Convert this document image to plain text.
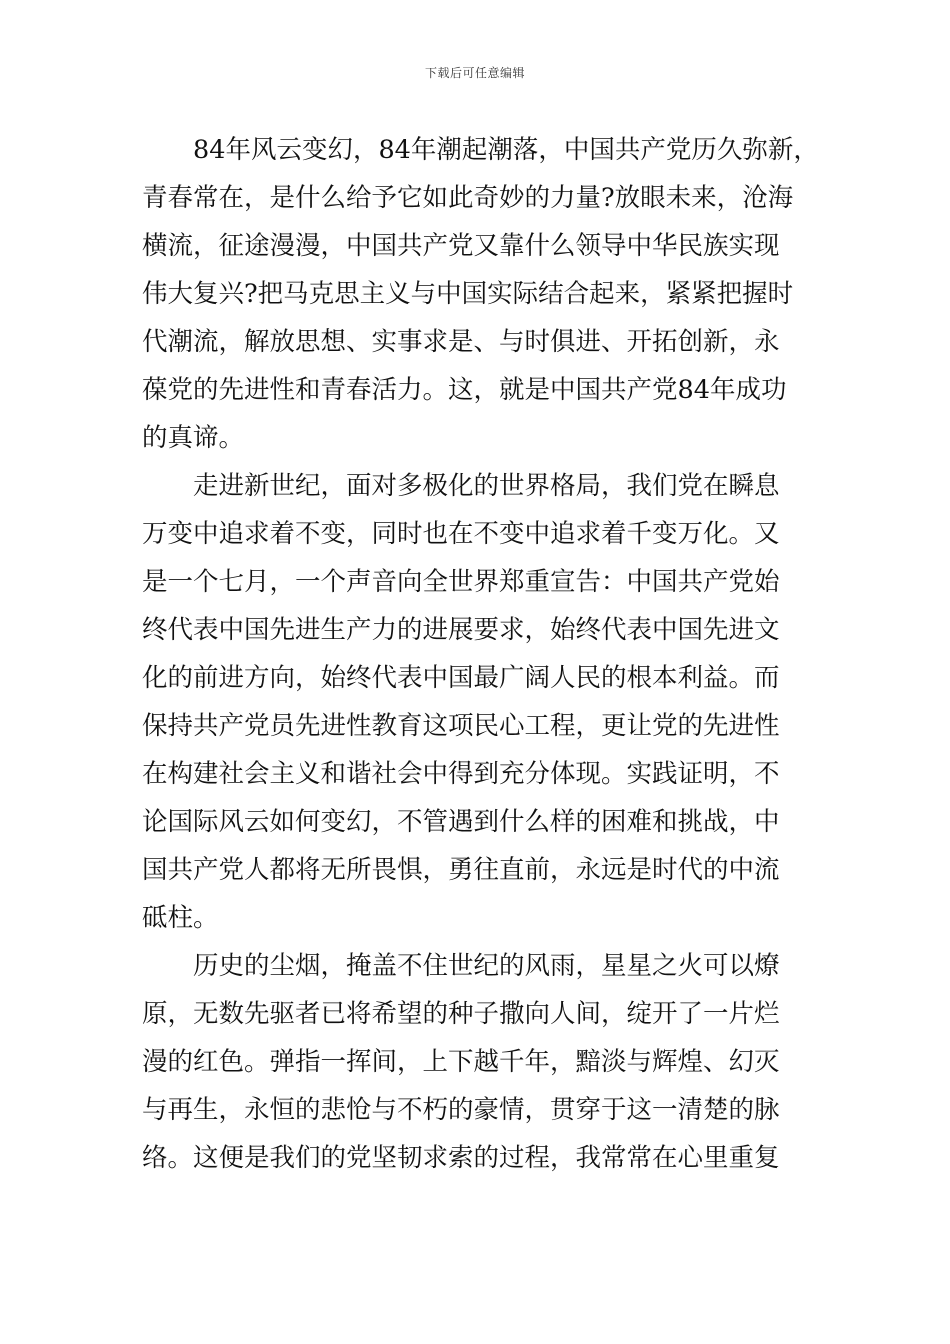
下载后可任意编辑
84年风云变幻，84年潮起潮落，中国共产党历久弥新，
青春常在，是什么给予它如此奇妙的力量?放眼未来，沧海
横流，征途漫漫，中国共产党又靠什么领导中华民族实现
伟大复兴?把马克思主义与中国实际结合起来，紧紧把握时
代潮流，解放思想、实事求是、与时俱进、开拓创新，永
葆党的先进性和青春活力。这，就是中国共产党84年成功
的真谛。
走进新世纪，面对多极化的世界格局，我们党在瞬息
万变中追求着不变，同时也在不变中追求着千变万化。又
是一个七月，一个声音向全世界郑重宣告：中国共产党始
终代表中国先进生产力的进展要求，始终代表中国先进文
化的前进方向，始终代表中国最广阔人民的根本利益。而
保持共产党员先进性教育这项民心工程，更让党的先进性
在构建社会主义和谐社会中得到充分体现。实践证明，不
论国际风云如何变幻，不管遇到什么样的困难和挑战，中
国共产党人都将无所畏惧，勇往直前，永远是时代的中流
砥柱。
历史的尘烟，掩盖不住世纪的风雨，星星之火可以燎
原，无数先驱者已将希望的种子撒向人间，绽开了一片烂
漫的红色。弹指一挥间，上下越千年，黯淡与辉煌、幻灭
与再生，永恒的悲怆与不朽的豪情，贯穿于这一清楚的脉
络。这便是我们的党坚韧求索的过程，我常常在心里重复
